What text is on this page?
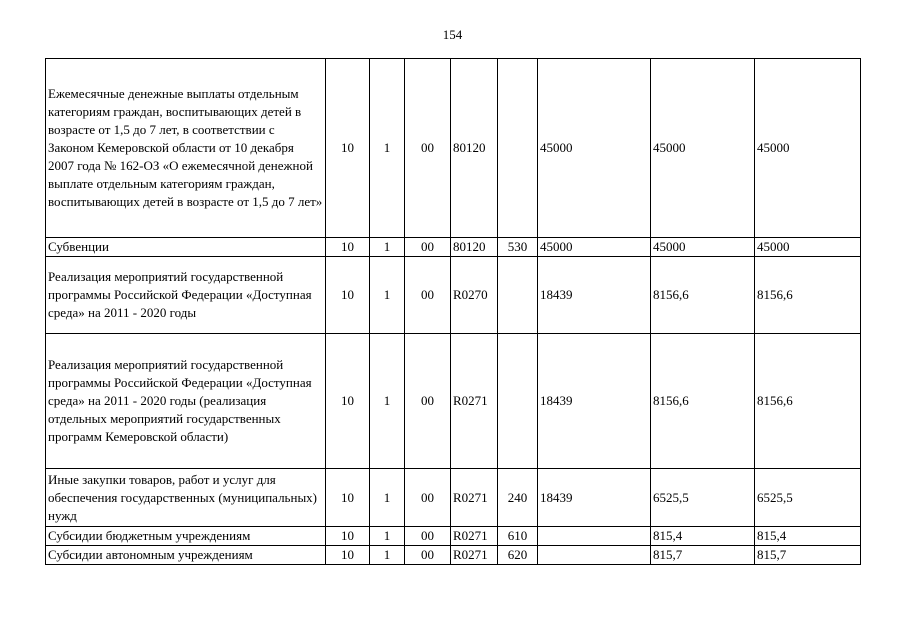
154
Ежемесячные денежные выплаты отдельным категориям граждан, воспитывающих детей в возрасте от 1,5 до 7 лет, в соответствии с Законом Кемеровской области от 10 декабря 2007 года № 162-ОЗ «О ежемесячной денежной выплате отдельным категориям граждан, воспитывающих детей в возрасте от 1,5 до 7 лет»	10	1	00	80120		45000	45000	45000
Субвенции	10	1	00	80120	530	45000	45000	45000
Реализация мероприятий государственной программы Российской Федерации «Доступная среда» на 2011 - 2020 годы	10	1	00	R0270		18439	8156,6	8156,6
Реализация мероприятий государственной программы Российской Федерации «Доступная среда» на 2011 - 2020 годы (реализация отдельных мероприятий государственных программ Кемеровской области)	10	1	00	R0271		18439	8156,6	8156,6
Иные закупки товаров, работ и услуг для обеспечения государственных (муниципальных) нужд	10	1	00	R0271	240	18439	6525,5	6525,5
Субсидии бюджетным учреждениям	10	1	00	R0271	610		815,4	815,4
Субсидии автономным учреждениям	10	1	00	R0271	620		815,7	815,7
